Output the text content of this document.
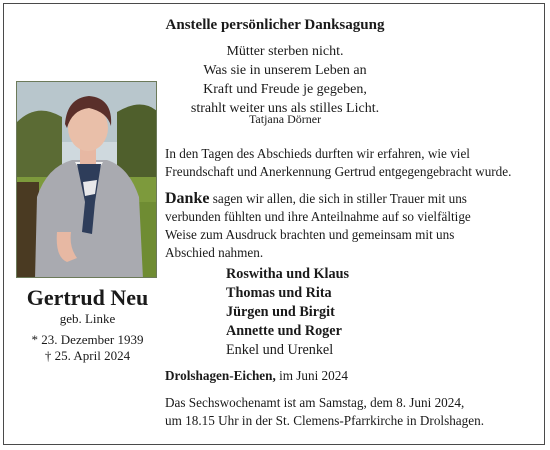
Anstelle persönlicher Danksagung
Mütter sterben nicht.
Was sie in unserem Leben an
Kraft und Freude je gegeben,
strahlt weiter uns als stilles Licht.
Tatjana Dörner
Gertrud Neu
geb. Linke
* 23. Dezember 1939
† 25. April 2024
In den Tagen des Abschieds durften wir erfahren, wie viel
Freundschaft und Anerkennung Gertrud entgegengebracht wurde.
Danke sagen wir allen, die sich in stiller Trauer mit uns
verbunden fühlten und ihre Anteilnahme auf so vielfältige
Weise zum Ausdruck brachten und gemeinsam mit uns
Abschied nahmen.
Roswitha und Klaus
Thomas und Rita
Jürgen und Birgit
Annette und Roger
Enkel und Urenkel
Drolshagen-Eichen, im Juni 2024
Das Sechswochenamt ist am Samstag, dem 8. Juni 2024,
um 18.15 Uhr in der St. Clemens-Pfarrkirche in Drolshagen.
